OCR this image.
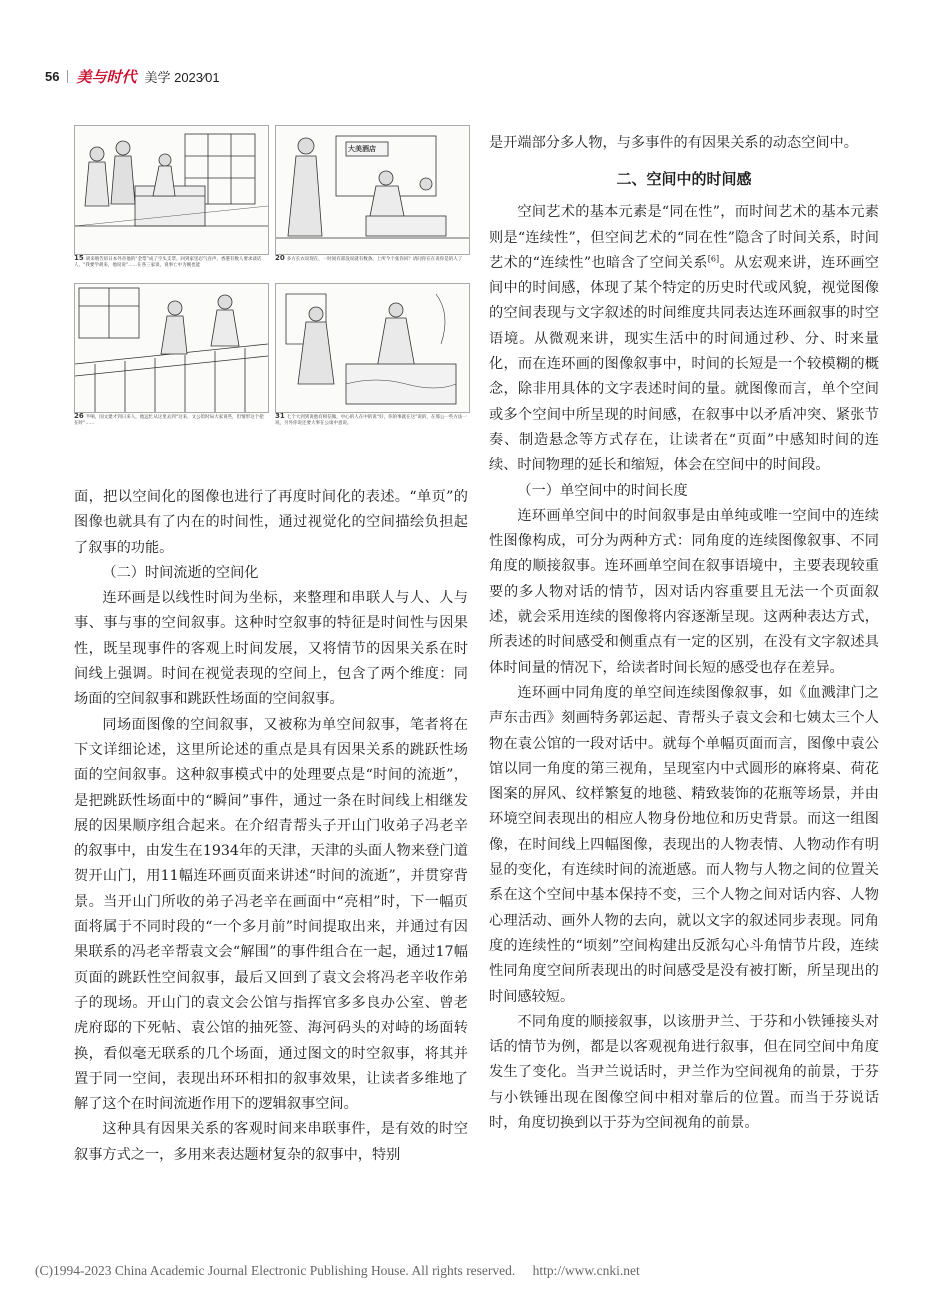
56 美与时代 美学 2023⁄01
15 胡来喀告诉日本外帝他的“金票”成了空头支票。回到家里忍气吞声，香港有数人要求谈话人，“我要学胡来，他说说”……在各三家谈，说事亡中为刚也能
大美酒店
20 多方长衣说现在，一时间有部没说就有数条，上所今个张你回？请问你在在说你是的人了
26 半响，国文建才到日来人，他远忙从这里去到“这来，文公馆时局大家说些，但情形这个把在时”……
31 七个大到到说他有相信做，中心的人在中的说“好，你的事就在这”说的，在那公一些方法一说，另外你说还要大事在公谈中意说。

面，把以空间化的图像也进行了再度时间化的表述。“单页”的图像也就具有了内在的时间性，通过视觉化的空间描绘负担起了叙事的功能。

（二）时间流逝的空间化

连环画是以线性时间为坐标，来整理和串联人与人、人与事、事与事的空间叙事。这种时空叙事的特征是时间性与因果性，既呈现事件的客观上时间发展，又将情节的因果关系在时间线上强调。时间在视觉表现的空间上，包含了两个维度：同场面的空间叙事和跳跃性场面的空间叙事。

同场面图像的空间叙事，又被称为单空间叙事，笔者将在下文详细论述，这里所论述的重点是具有因果关系的跳跃性场面的空间叙事。这种叙事模式中的处理要点是“时间的流逝”，是把跳跃性场面中的“瞬间”事件，通过一条在时间线上相继发展的因果顺序组合起来。在介绍青帮头子开山门收弟子冯老辛的叙事中，由发生在1934年的天津，天津的头面人物来登门道贺开山门，用11幅连环画页面来讲述“时间的流逝”，并贯穿背景。当开山门所收的弟子冯老辛在画面中“亮相”时，下一幅页面将属于不同时段的“一个多月前”时间提取出来，并通过有因果联系的冯老辛帮袁文会“解围”的事件组合在一起，通过17幅页面的跳跃性空间叙事，最后又回到了袁文会将冯老辛收作弟子的现场。开山门的袁文会公馆与指挥官多多良办公室、曾老虎府邸的下死帖、袁公馆的抽死签、海河码头的对峙的场面转换，看似毫无联系的几个场面，通过图文的时空叙事，将其并置于同一空间，表现出环环相扣的叙事效果，让读者多维地了解了这个在时间流逝作用下的逻辑叙事空间。

这种具有因果关系的客观时间来串联事件，是有效的时空叙事方式之一，多用来表达题材复杂的叙事中，特别

是开端部分多人物，与多事件的有因果关系的动态空间中。

二、空间中的时间感

空间艺术的基本元素是“同在性”，而时间艺术的基本元素则是“连续性”，但空间艺术的“同在性”隐含了时间关系，时间艺术的“连续性”也暗含了空间关系[6]。从宏观来讲，连环画空间中的时间感，体现了某个特定的历史时代或风貌，视觉图像的空间表现与文字叙述的时间维度共同表达连环画叙事的时空语境。从微观来讲，现实生活中的时间通过秒、分、时来量化，而在连环画的图像叙事中，时间的长短是一个较模糊的概念，除非用具体的文字表述时间的量。就图像而言，单个空间或多个空间中所呈现的时间感，在叙事中以矛盾冲突、紧张节奏、制造悬念等方式存在，让读者在“页面”中感知时间的连续、时间物理的延长和缩短，体会在空间中的时间段。

（一）单空间中的时间长度

连环画单空间中的时间叙事是由单纯或唯一空间中的连续性图像构成，可分为两种方式：同角度的连续图像叙事、不同角度的顺接叙事。连环画单空间在叙事语境中，主要表现较重要的多人物对话的情节，因对话内容重要且无法一个页面叙述，就会采用连续的图像将内容逐渐呈现。这两种表达方式，所表述的时间感受和侧重点有一定的区别，在没有文字叙述具体时间量的情况下，给读者时间长短的感受也存在差异。

连环画中同角度的单空间连续图像叙事，如《血溅津门之声东击西》刻画特务郭运起、青帮头子袁文会和七姨太三个人物在袁公馆的一段对话中。就每个单幅页面而言，图像中袁公馆以同一角度的第三视角，呈现室内中式圆形的麻将桌、荷花图案的屏风、纹样繁复的地毯、精致装饰的花瓶等场景，并由环境空间表现出的相应人物身份地位和历史背景。而这一组图像，在时间线上四幅图像，表现出的人物表情、人物动作有明显的变化，有连续时间的流逝感。而人物与人物之间的位置关系在这个空间中基本保持不变，三个人物之间对话内容、人物心理活动、画外人物的去向，就以文字的叙述同步表现。同角度的连续性的“顷刻”空间构建出反派勾心斗角情节片段，连续性同角度空间所表现出的时间感受是没有被打断，所呈现出的时间感较短。

不同角度的顺接叙事，以该册尹兰、于芬和小铁锤接头对话的情节为例，都是以客观视角进行叙事，但在同空间中角度发生了变化。当尹兰说话时，尹兰作为空间视角的前景，于芬与小铁锤出现在图像空间中相对靠后的位置。而当于芬说话时，角度切换到以于芬为空间视角的前景。

(C)1994-2023 China Academic Journal Electronic Publishing House. All rights reserved. http://www.cnki.net
